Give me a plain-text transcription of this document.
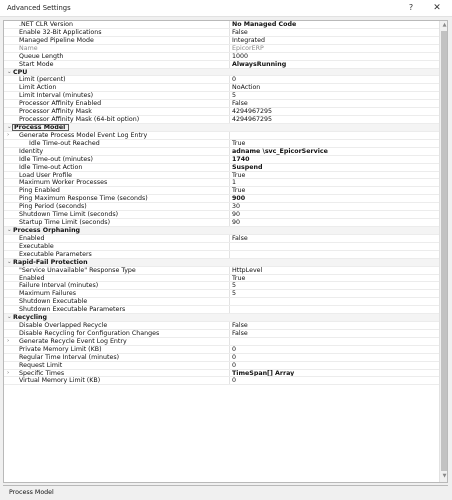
Advanced Settings	?	✕
.NET CLR Version	No Managed Code
Enable 32-Bit Applications	False
Managed Pipeline Mode	Integrated
Name	EpicorERP
Queue Length	1000
Start Mode	AlwaysRunning
⌄ CPU
Limit (percent)	0
Limit Action	NoAction
Limit Interval (minutes)	5
Processor Affinity Enabled	False
Processor Affinity Mask	4294967295
Processor Affinity Mask (64-bit option)	4294967295
⌄ Process Model
› Generate Process Model Event Log Entry
Idle Time-out Reached	True
Identity	adname \svc_EpicorService
Idle Time-out (minutes)	1740
Idle Time-out Action	Suspend
Load User Profile	True
Maximum Worker Processes	1
Ping Enabled	True
Ping Maximum Response Time (seconds)	900
Ping Period (seconds)	30
Shutdown Time Limit (seconds)	90
Startup Time Limit (seconds)	90
⌄ Process Orphaning
Enabled	False
Executable
Executable Parameters
⌄ Rapid-Fail Protection
"Service Unavailable" Response Type	HttpLevel
Enabled	True
Failure Interval (minutes)	5
Maximum Failures	5
Shutdown Executable
Shutdown Executable Parameters
⌄ Recycling
Disable Overlapped Recycle	False
Disable Recycling for Configuration Changes	False
› Generate Recycle Event Log Entry
Private Memory Limit (KB)	0
Regular Time Interval (minutes)	0
Request Limit	0
› Specific Times	TimeSpan[] Array
Virtual Memory Limit (KB)	0
▲
▼
Process Model
